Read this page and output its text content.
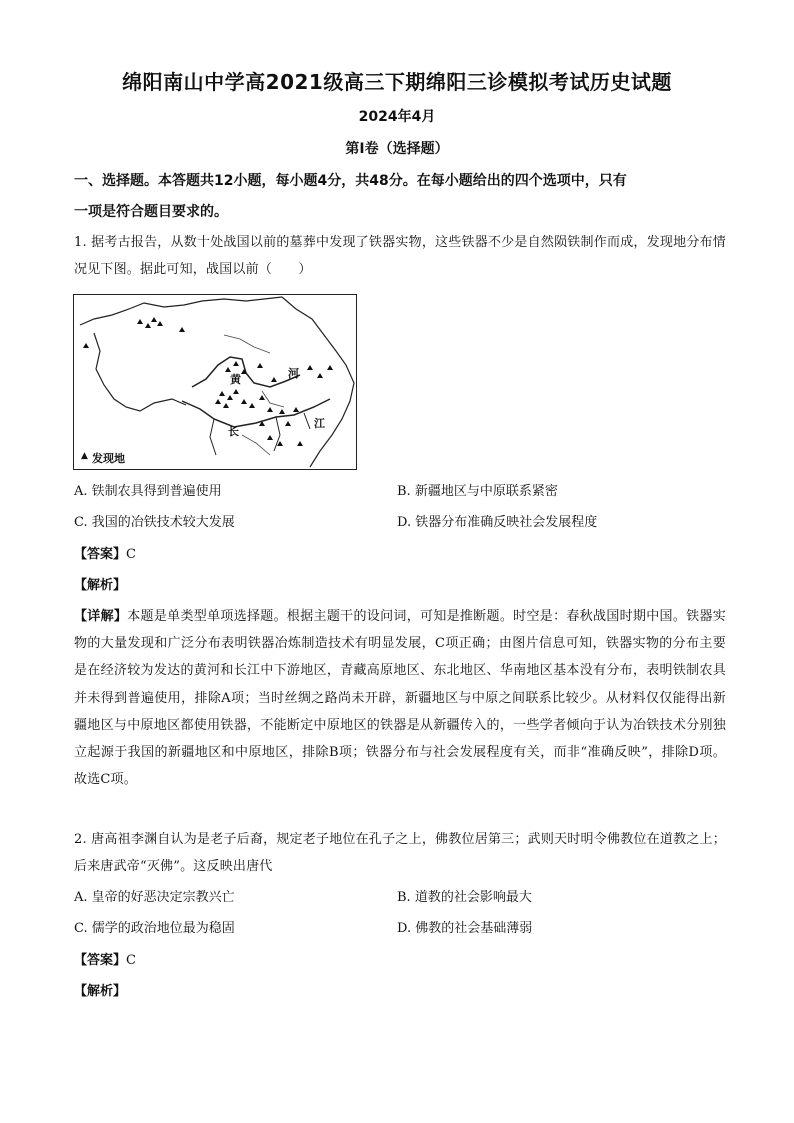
绵阳南山中学高2021级高三下期绵阳三诊模拟考试历史试题
2024年4月
第Ⅰ卷（选择题）
一、选择题。本答题共12小题，每小题4分，共48分。在每小题给出的四个选项中，只有
一项是符合题目要求的。
1. 据考古报告，从数十处战国以前的墓葬中发现了铁器实物，这些铁器不少是自然陨铁制作而成，发现地分布情况见下图。据此可知，战国以前（　　）
黄	河
长
江
▲ 发现地
A. 铁制农具得到普遍使用	B. 新疆地区与中原联系紧密
C. 我国的冶铁技术较大发展	D. 铁器分布准确反映社会发展程度
【答案】C
【解析】
【详解】本题是单类型单项选择题。根据主题干的设问词，可知是推断题。时空是：春秋战国时期中国。铁器实物的大量发现和广泛分布表明铁器冶炼制造技术有明显发展，C项正确；由图片信息可知，铁器实物的分布主要是在经济较为发达的黄河和长江中下游地区，青藏高原地区、东北地区、华南地区基本没有分布，表明铁制农具并未得到普遍使用，排除A项；当时丝绸之路尚未开辟，新疆地区与中原之间联系比较少。从材料仅仅能得出新疆地区与中原地区都使用铁器，不能断定中原地区的铁器是从新疆传入的，一些学者倾向于认为冶铁技术分别独立起源于我国的新疆地区和中原地区，排除B项；铁器分布与社会发展程度有关，而非“准确反映”，排除D项。故选C项。
2. 唐高祖李渊自认为是老子后裔，规定老子地位在孔子之上，佛教位居第三；武则天时明令佛教位在道教之上；后来唐武帝“灭佛”。这反映出唐代
A. 皇帝的好恶决定宗教兴亡	B. 道教的社会影响最大
C. 儒学的政治地位最为稳固	D. 佛教的社会基础薄弱
【答案】C
【解析】
